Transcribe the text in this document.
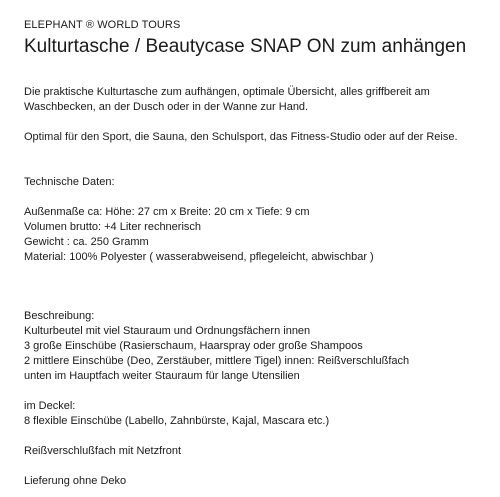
ELEPHANT ® WORLD TOURS

Kulturtasche / Beautycase SNAP ON zum anhängen

Die praktische Kulturtasche zum aufhängen, optimale Übersicht, alles griffbereit am Waschbecken, an der Dusch oder in der Wanne zur Hand.

Optimal für den Sport, die Sauna, den Schulsport, das Fitness-Studio oder auf der Reise.

Technische Daten:
Außenmaße ca: Höhe: 27 cm x Breite: 20 cm x Tiefe: 9 cm
Volumen brutto: +4 Liter rechnerisch
Gewicht : ca. 250 Gramm
Material: 100% Polyester ( wasserabweisend, pflegeleicht, abwischbar )
Beschreibung:
Kulturbeutel mit viel Stauraum und Ordnungsfächern innen
3 große Einschübe (Rasierschaum, Haarspray oder große Shampoos
2 mittlere Einschübe (Deo, Zerstäuber, mittlere Tigel) innen: Reißverschlußfach
unten im Hauptfach weiter Stauraum für lange Utensilien
im Deckel:
8 flexible Einschübe (Labello, Zahnbürste, Kajal, Mascara etc.)
Reißverschlußfach mit Netzfront
Lieferung ohne Deko
